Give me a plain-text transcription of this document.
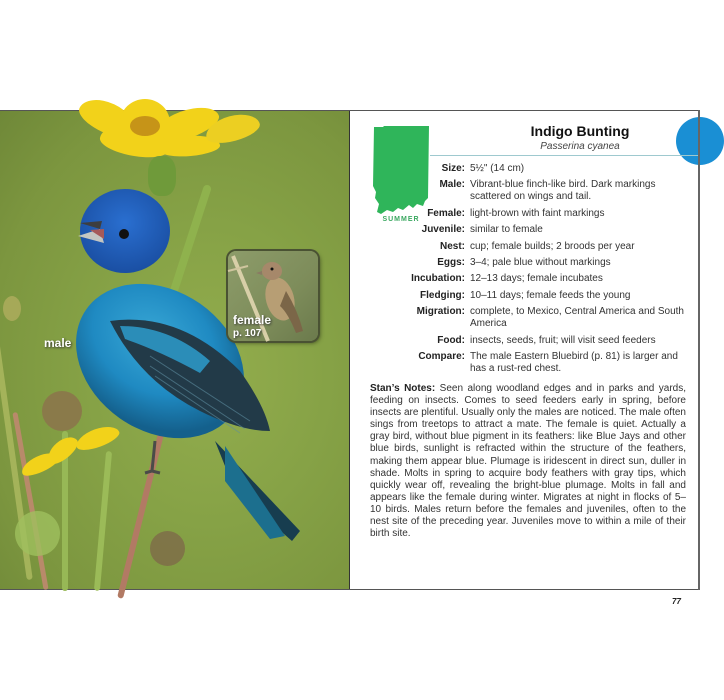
male
female
p. 107
SUMMER
Indigo Bunting
Passerina cyanea
Size: 5½" (14 cm)
Male: Vibrant-blue finch-like bird. Dark markings scattered on wings and tail.
Female: light-brown with faint markings
Juvenile: similar to female
Nest: cup; female builds; 2 broods per year
Eggs: 3–4; pale blue without markings
Incubation: 12–13 days; female incubates
Fledging: 10–11 days; female feeds the young
Migration: complete, to Mexico, Central America and South America
Food: insects, seeds, fruit; will visit seed feeders
Compare: The male Eastern Bluebird (p. 81) is larger and has a rust-red chest.
Stan’s Notes: Seen along woodland edges and in parks and yards, feeding on insects. Comes to seed feeders early in spring, before insects are plentiful. Usually only the males are noticed. The male often sings from treetops to attract a mate. The female is quiet. Actually a gray bird, without blue pigment in its feathers: like Blue Jays and other blue birds, sunlight is refracted within the structure of the feathers, making them appear blue. Plumage is iridescent in direct sun, duller in shade. Molts in spring to acquire body feathers with gray tips, which quickly wear off, revealing the bright-blue plumage. Molts in fall and appears like the female during winter. Migrates at night in flocks of 5–10 birds. Males return before the females and juveniles, often to the nest site of the preceding year. Juveniles move to within a mile of their birth site.
77
